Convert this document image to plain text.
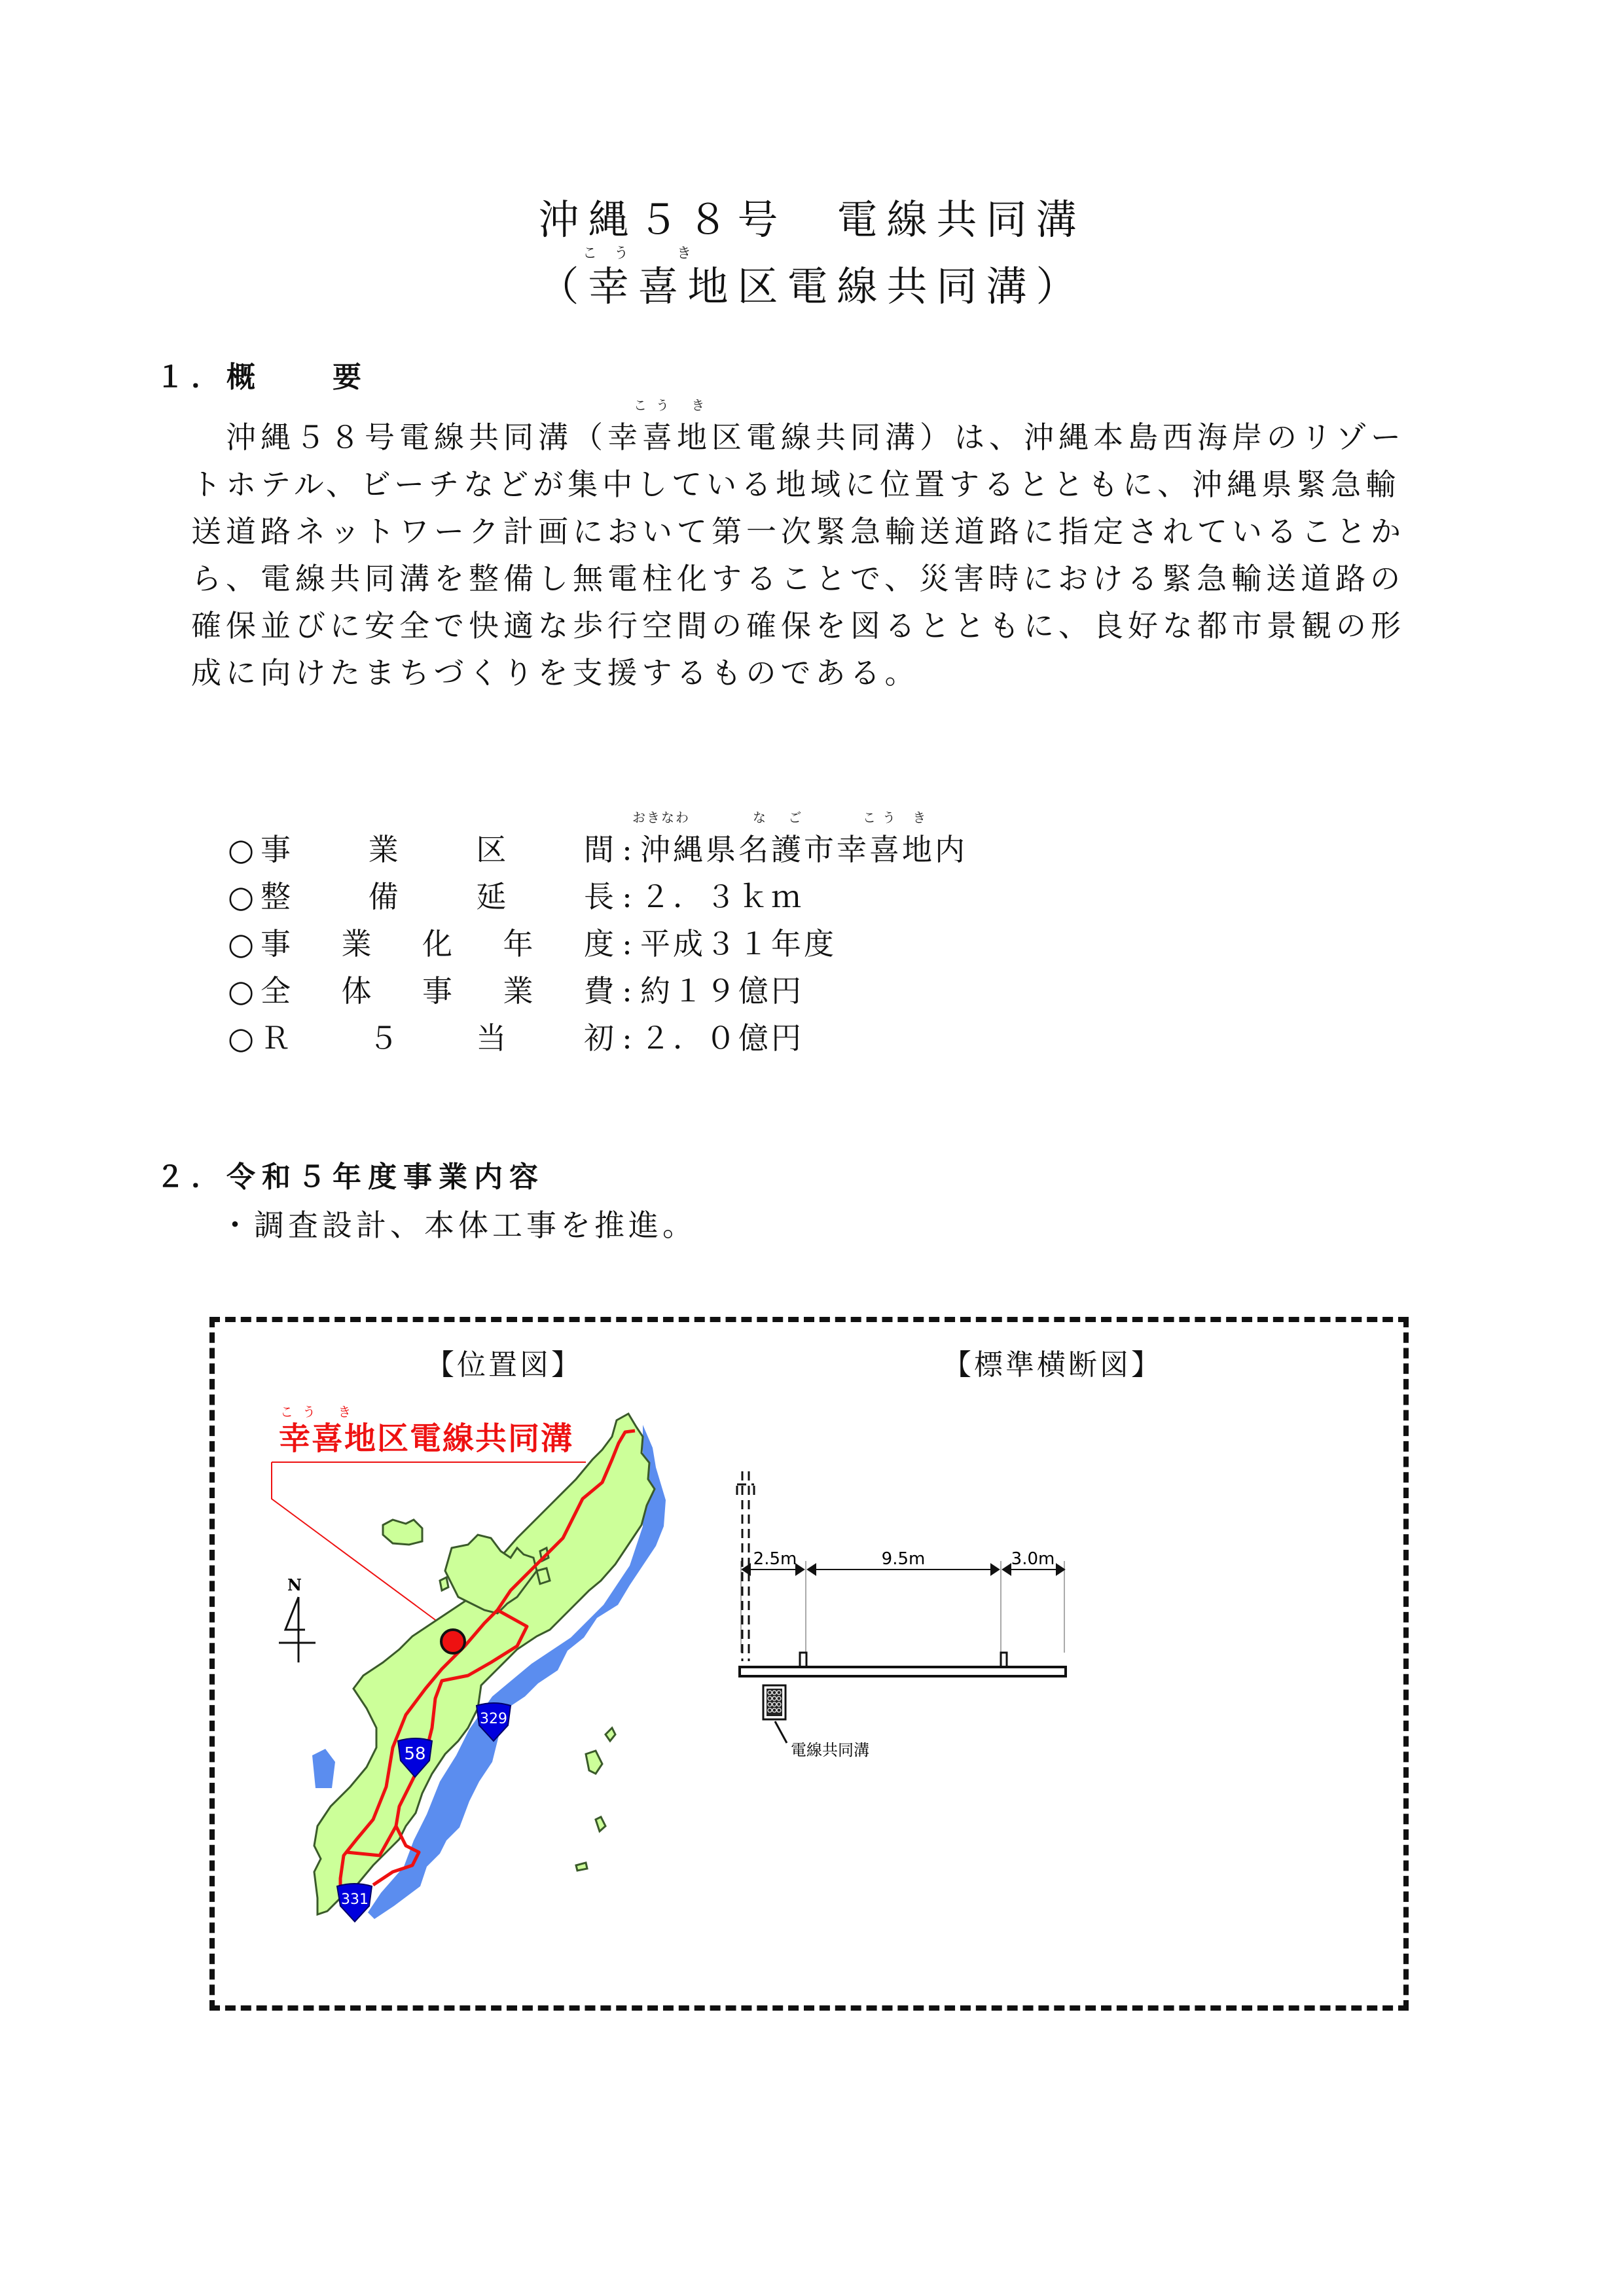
沖縄５８号　電線共同溝
こう　き
（幸喜地区電線共同溝）
１．概　　要
こう き
　沖縄５８号電線共同溝（幸喜地区電線共同溝）は、沖縄本島西海岸のリゾー
トホテル、ビーチなどが集中している地域に位置するとともに、沖縄県緊急輸
送道路ネットワーク計画において第一次緊急輸送道路に指定されていることか
ら、電線共同溝を整備し無電柱化することで、災害時における緊急輸送道路の
確保並びに安全で快適な歩行空間の確保を図るとともに、良好な都市景観の形
成に向けたまちづくりを支援するものである。
おきなわ	な ご	こう き
○ 事	業	区	間 : 沖縄県名護市幸喜地内
○ 整	備	延	長 : ２．３ｋｍ
○ 事 業 化 年 度 : 平成３１年度
○ 全 体 事 業 費 : 約１９億円
○ Ｒ	５	当	初 : ２．０億円
２．令和５年度事業内容
・調査設計、本体工事を推進。
【位置図】	【標準横断図】
こう き
幸喜地区電線共同溝
N
58
329
331
2.5m	9.5m	3.0m
電線共同溝
